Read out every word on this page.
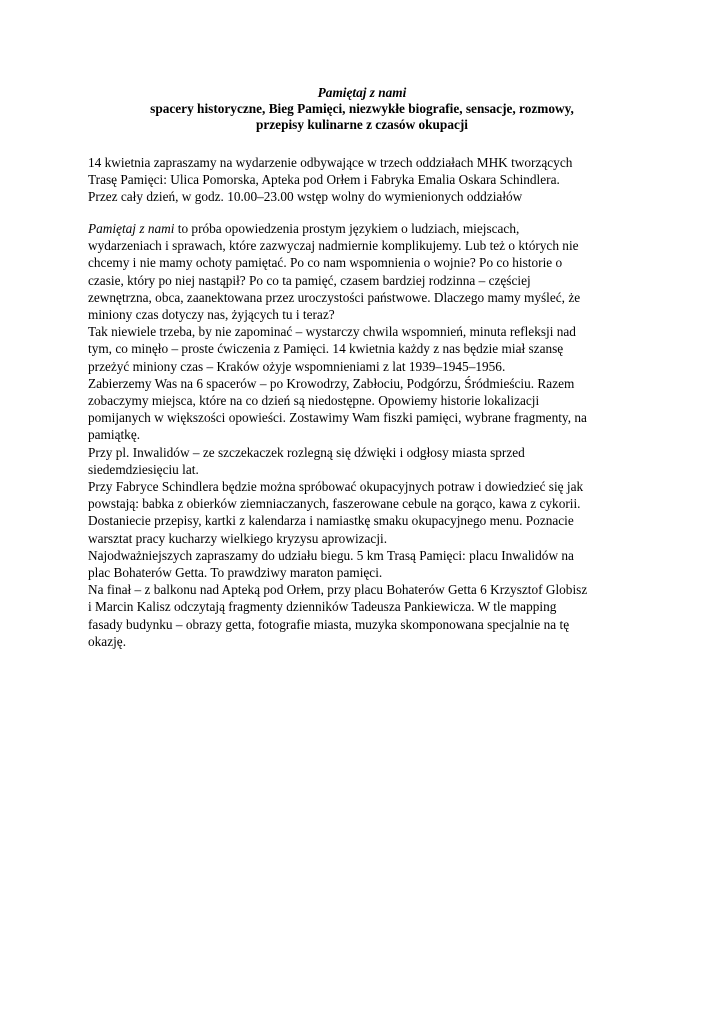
Pamiętaj z nami
spacery historyczne, Bieg Pamięci, niezwykłe biografie, sensacje, rozmowy,
przepisy kulinarne z czasów okupacji
14 kwietnia zapraszamy na wydarzenie odbywające w trzech oddziałach MHK tworzących
Trasę Pamięci: Ulica Pomorska, Apteka pod Orłem i Fabryka Emalia Oskara Schindlera.
Przez cały dzień, w godz. 10.00–23.00 wstęp wolny do wymienionych oddziałów
Pamiętaj z nami to próba opowiedzenia prostym językiem o ludziach, miejscach,
wydarzeniach i sprawach, które zazwyczaj nadmiernie komplikujemy. Lub też o których nie
chcemy i nie mamy ochoty pamiętać. Po co nam wspomnienia o wojnie? Po co historie o
czasie, który po niej nastąpił? Po co ta pamięć, czasem bardziej rodzinna – częściej
zewnętrzna, obca, zaanektowana przez uroczystości państwowe. Dlaczego mamy myśleć, że
miniony czas dotyczy nas, żyjących tu i teraz?
Tak niewiele trzeba, by nie zapominać – wystarczy chwila wspomnień, minuta refleksji nad
tym, co minęło – proste ćwiczenia z Pamięci. 14 kwietnia każdy z nas będzie miał szansę
przeżyć miniony czas – Kraków ożyje wspomnieniami z lat 1939–1945–1956.
Zabierzemy Was na 6 spacerów – po Krowodrzy, Zabłociu, Podgórzu, Śródmieściu. Razem
zobaczymy miejsca, które na co dzień są niedostępne. Opowiemy historie lokalizacji
pomijanych w większości opowieści. Zostawimy Wam fiszki pamięci, wybrane fragmenty, na
pamiątkę.
Przy pl. Inwalidów – ze szczekaczek rozlegną się dźwięki i odgłosy miasta sprzed
siedemdziesięciu lat.
Przy Fabryce Schindlera będzie można spróbować okupacyjnych potraw i dowiedzieć się jak
powstają: babka z obierków ziemniaczanych, faszerowane cebule na gorąco, kawa z cykorii.
Dostaniecie przepisy, kartki z kalendarza i namiastkę smaku okupacyjnego menu. Poznacie
warsztat pracy kucharzy wielkiego kryzysu aprowizacji.
Najodważniejszych zapraszamy do udziału biegu. 5 km Trasą Pamięci: placu Inwalidów na
plac Bohaterów Getta. To prawdziwy maraton pamięci.
Na finał – z balkonu nad Apteką pod Orłem, przy placu Bohaterów Getta 6 Krzysztof Globisz
i Marcin Kalisz odczytają fragmenty dzienników Tadeusza Pankiewicza. W tle mapping
fasady budynku – obrazy getta, fotografie miasta, muzyka skomponowana specjalnie na tę
okazję.
